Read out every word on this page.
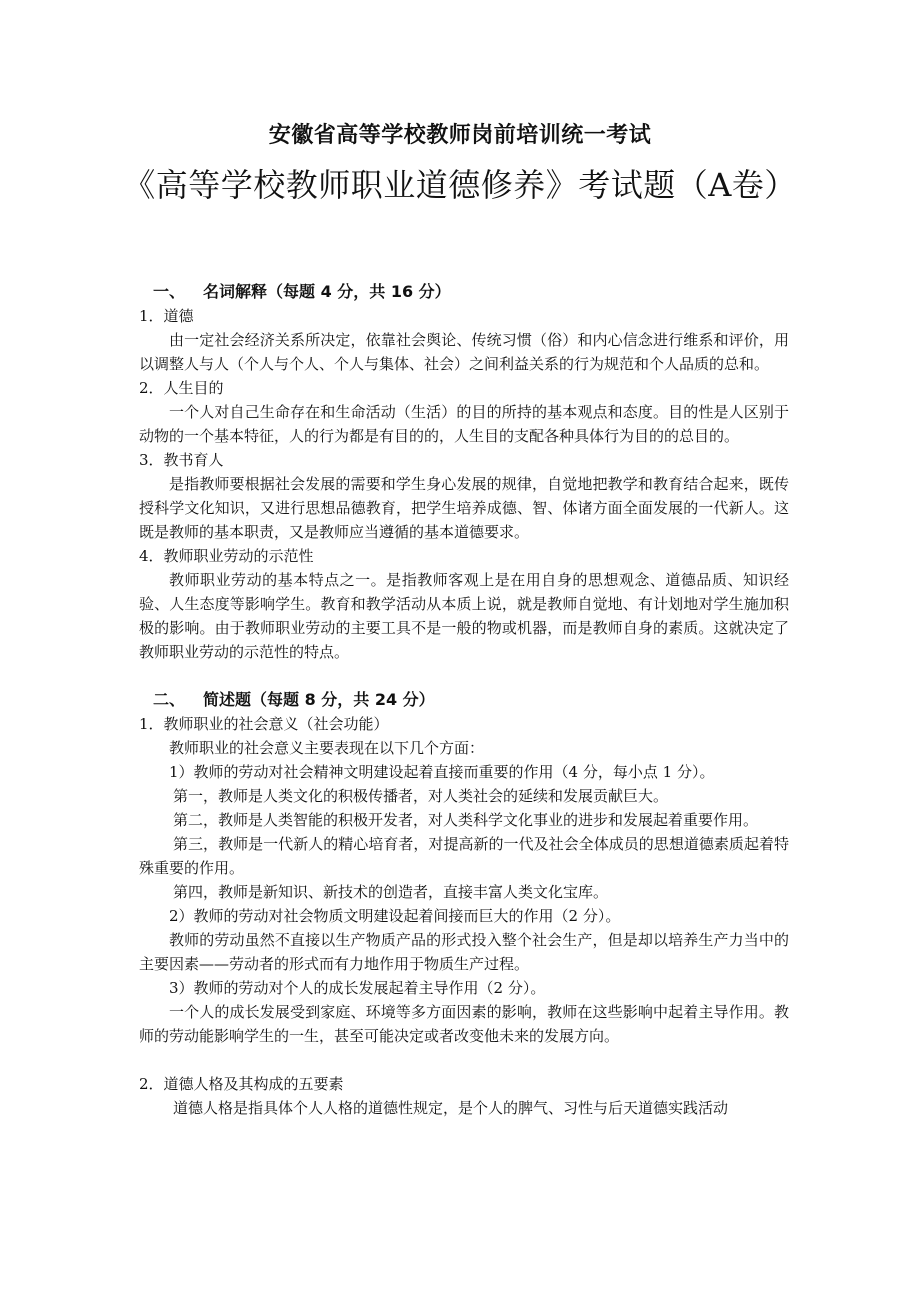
安徽省高等学校教师岗前培训统一考试
《高等学校教师职业道德修养》考试题（A卷）

一、 名词解释（每题 4 分，共 16 分）

1．道德

由一定社会经济关系所决定，依靠社会舆论、传统习惯（俗）和内心信念进行维系和评价，用以调整人与人（个人与个人、个人与集体、社会）之间利益关系的行为规范和个人品质的总和。

2．人生目的

一个人对自己生命存在和生命活动（生活）的目的所持的基本观点和态度。目的性是人区别于动物的一个基本特征，人的行为都是有目的的，人生目的支配各种具体行为目的的总目的。

3．教书育人

是指教师要根据社会发展的需要和学生身心发展的规律，自觉地把教学和教育结合起来，既传授科学文化知识，又进行思想品德教育，把学生培养成德、智、体诸方面全面发展的一代新人。这既是教师的基本职责，又是教师应当遵循的基本道德要求。

4．教师职业劳动的示范性

教师职业劳动的基本特点之一。是指教师客观上是在用自身的思想观念、道德品质、知识经验、人生态度等影响学生。教育和教学活动从本质上说，就是教师自觉地、有计划地对学生施加积极的影响。由于教师职业劳动的主要工具不是一般的物或机器，而是教师自身的素质。这就决定了教师职业劳动的示范性的特点。

二、 简述题（每题 8 分，共 24 分）

1．教师职业的社会意义（社会功能）

教师职业的社会意义主要表现在以下几个方面：

1）教师的劳动对社会精神文明建设起着直接而重要的作用（4 分，每小点 1 分）。

第一，教师是人类文化的积极传播者，对人类社会的延续和发展贡献巨大。

第二，教师是人类智能的积极开发者，对人类科学文化事业的进步和发展起着重要作用。

第三，教师是一代新人的精心培育者，对提高新的一代及社会全体成员的思想道德素质起着特殊重要的作用。

第四，教师是新知识、新技术的创造者，直接丰富人类文化宝库。

2）教师的劳动对社会物质文明建设起着间接而巨大的作用（2 分）。

教师的劳动虽然不直接以生产物质产品的形式投入整个社会生产，但是却以培养生产力当中的主要因素——劳动者的形式而有力地作用于物质生产过程。

3）教师的劳动对个人的成长发展起着主导作用（2 分）。

一个人的成长发展受到家庭、环境等多方面因素的影响，教师在这些影响中起着主导作用。教师的劳动能影响学生的一生，甚至可能决定或者改变他未来的发展方向。

2．道德人格及其构成的五要素

道德人格是指具体个人人格的道德性规定，是个人的脾气、习性与后天道德实践活动
